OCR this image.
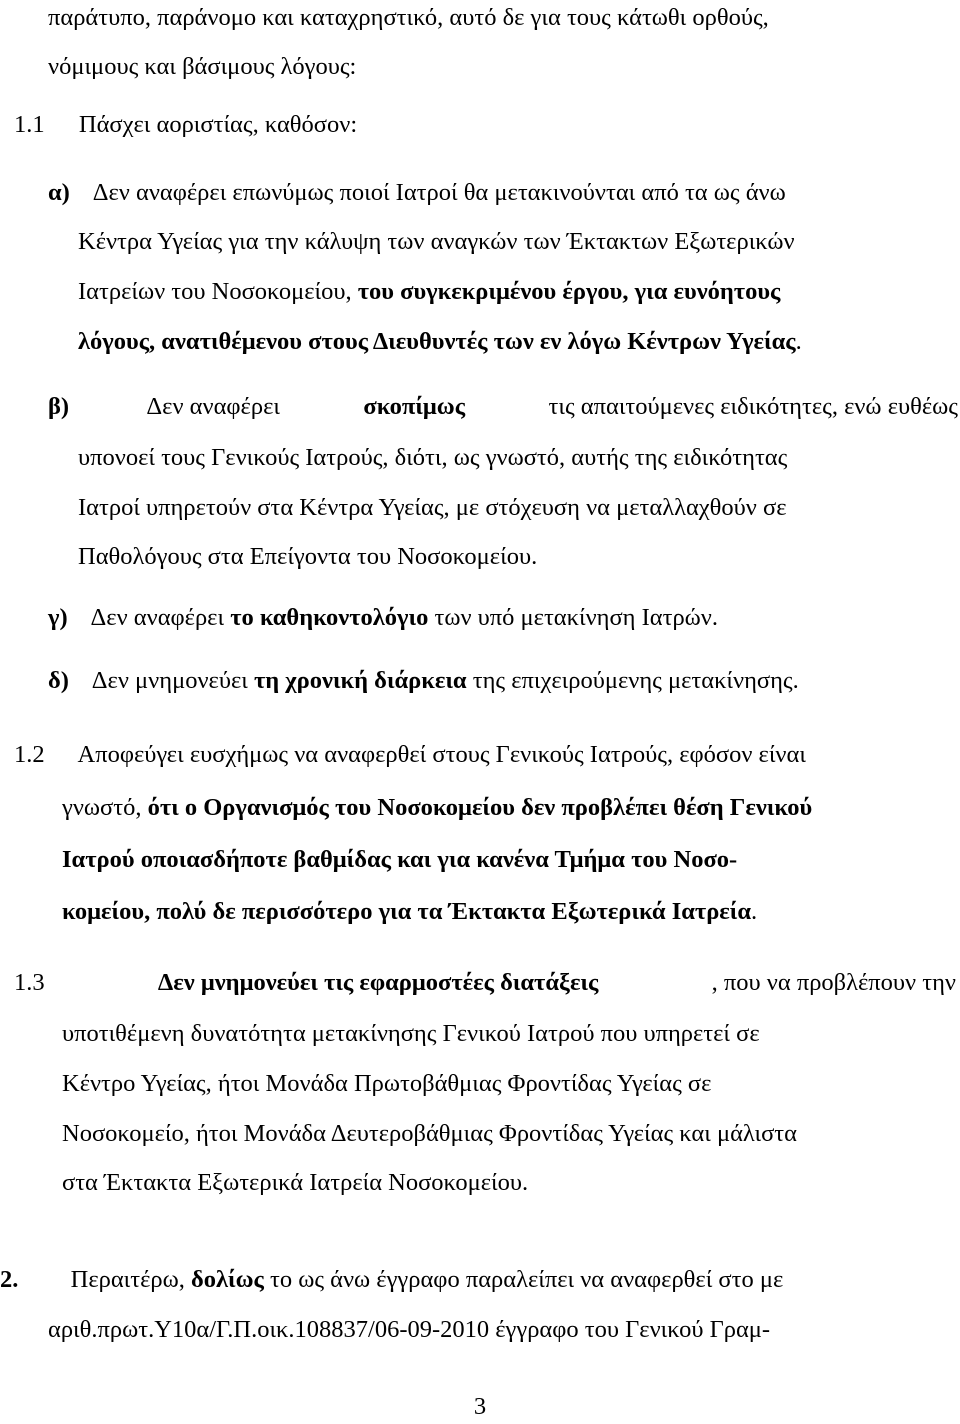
παράτυπο, παράνομο και καταχρηστικό, αυτό δε για τους κάτωθι ορθούς,
νόμιμους και βάσιμους λόγους:
1.1 Πάσχει αοριστίας, καθόσον:
α) Δεν αναφέρει επωνύμως ποιοί Ιατροί θα μετακινούνται από τα ως άνω
Κέντρα Υγείας για την κάλυψη των αναγκών των Έκτακτων Εξωτερικών
Ιατρείων του Νοσοκομείου, του συγκεκριμένου έργου, για ευνόητους
λόγους, ανατιθέμενου στους Διευθυντές των εν λόγω Κέντρων Υγείας.
β)	Δεν αναφέρει	σκοπίμως	τις απαιτούμενες ειδικότητες, ενώ ευθέως
υπονοεί τους Γενικούς Ιατρούς, διότι, ως γνωστό, αυτής της ειδικότητας
Ιατροί υπηρετούν στα Κέντρα Υγείας, με στόχευση να μεταλλαχθούν σε
Παθολόγους στα Επείγοντα του Νοσοκομείου.
γ) Δεν αναφέρει το καθηκοντολόγιο των υπό μετακίνηση Ιατρών.
δ) Δεν μνημονεύει τη χρονική διάρκεια της επιχειρούμενης μετακίνησης.
1.2 Αποφεύγει ευσχήμως να αναφερθεί στους Γενικούς Ιατρούς, εφόσον είναι
γνωστό, ότι ο Οργανισμός του Νοσοκομείου δεν προβλέπει θέση Γενικού
Ιατρού οποιασδήποτε βαθμίδας και για κανένα Τμήμα του Νοσο-
κομείου, πολύ δε περισσότερο για τα Έκτακτα Εξωτερικά Ιατρεία.
1.3	Δεν μνημονεύει τις εφαρμοστέες διατάξεις	, που να προβλέπουν την
υποτιθέμενη δυνατότητα μετακίνησης Γενικού Ιατρού που υπηρετεί σε
Κέντρο Υγείας, ήτοι Μονάδα Πρωτοβάθμιας Φροντίδας Υγείας σε
Νοσοκομείο, ήτοι Μονάδα Δευτεροβάθμιας Φροντίδας Υγείας και μάλιστα
στα Έκτακτα Εξωτερικά Ιατρεία Νοσοκομείου.
2. Περαιτέρω, δολίως το ως άνω έγγραφο παραλείπει να αναφερθεί στο με
αριθ.πρωτ.Υ10α/Γ.Π.οικ.108837/06-09-2010 έγγραφο του Γενικού Γραμ-
3
